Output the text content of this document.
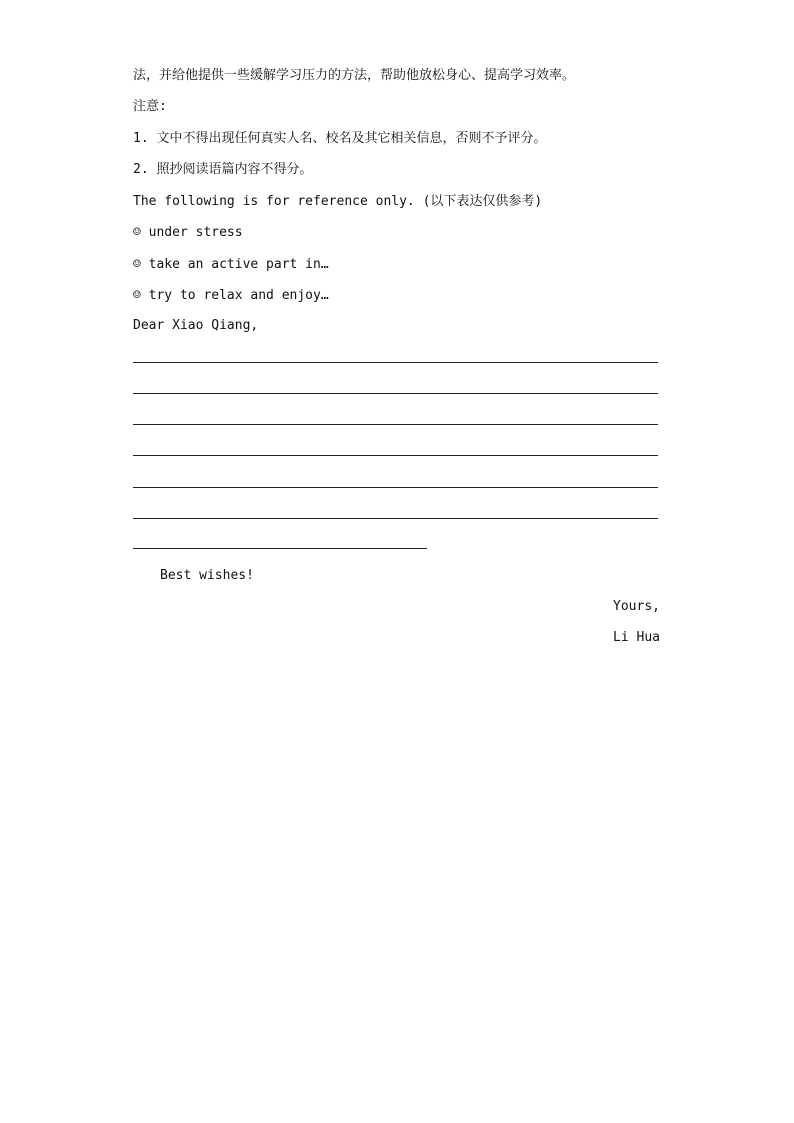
法，并给他提供一些缓解学习压力的方法，帮助他放松身心、提高学习效率。
注意:
1. 文中不得出现任何真实人名、校名及其它相关信息，否则不予评分。
2. 照抄阅读语篇内容不得分。
The following is for reference only. (以下表达仅供参考)
☺ under stress
☺ take an active part in…
☺ try to relax and enjoy…
Dear Xiao Qiang,
Best wishes!
Yours,
Li Hua
